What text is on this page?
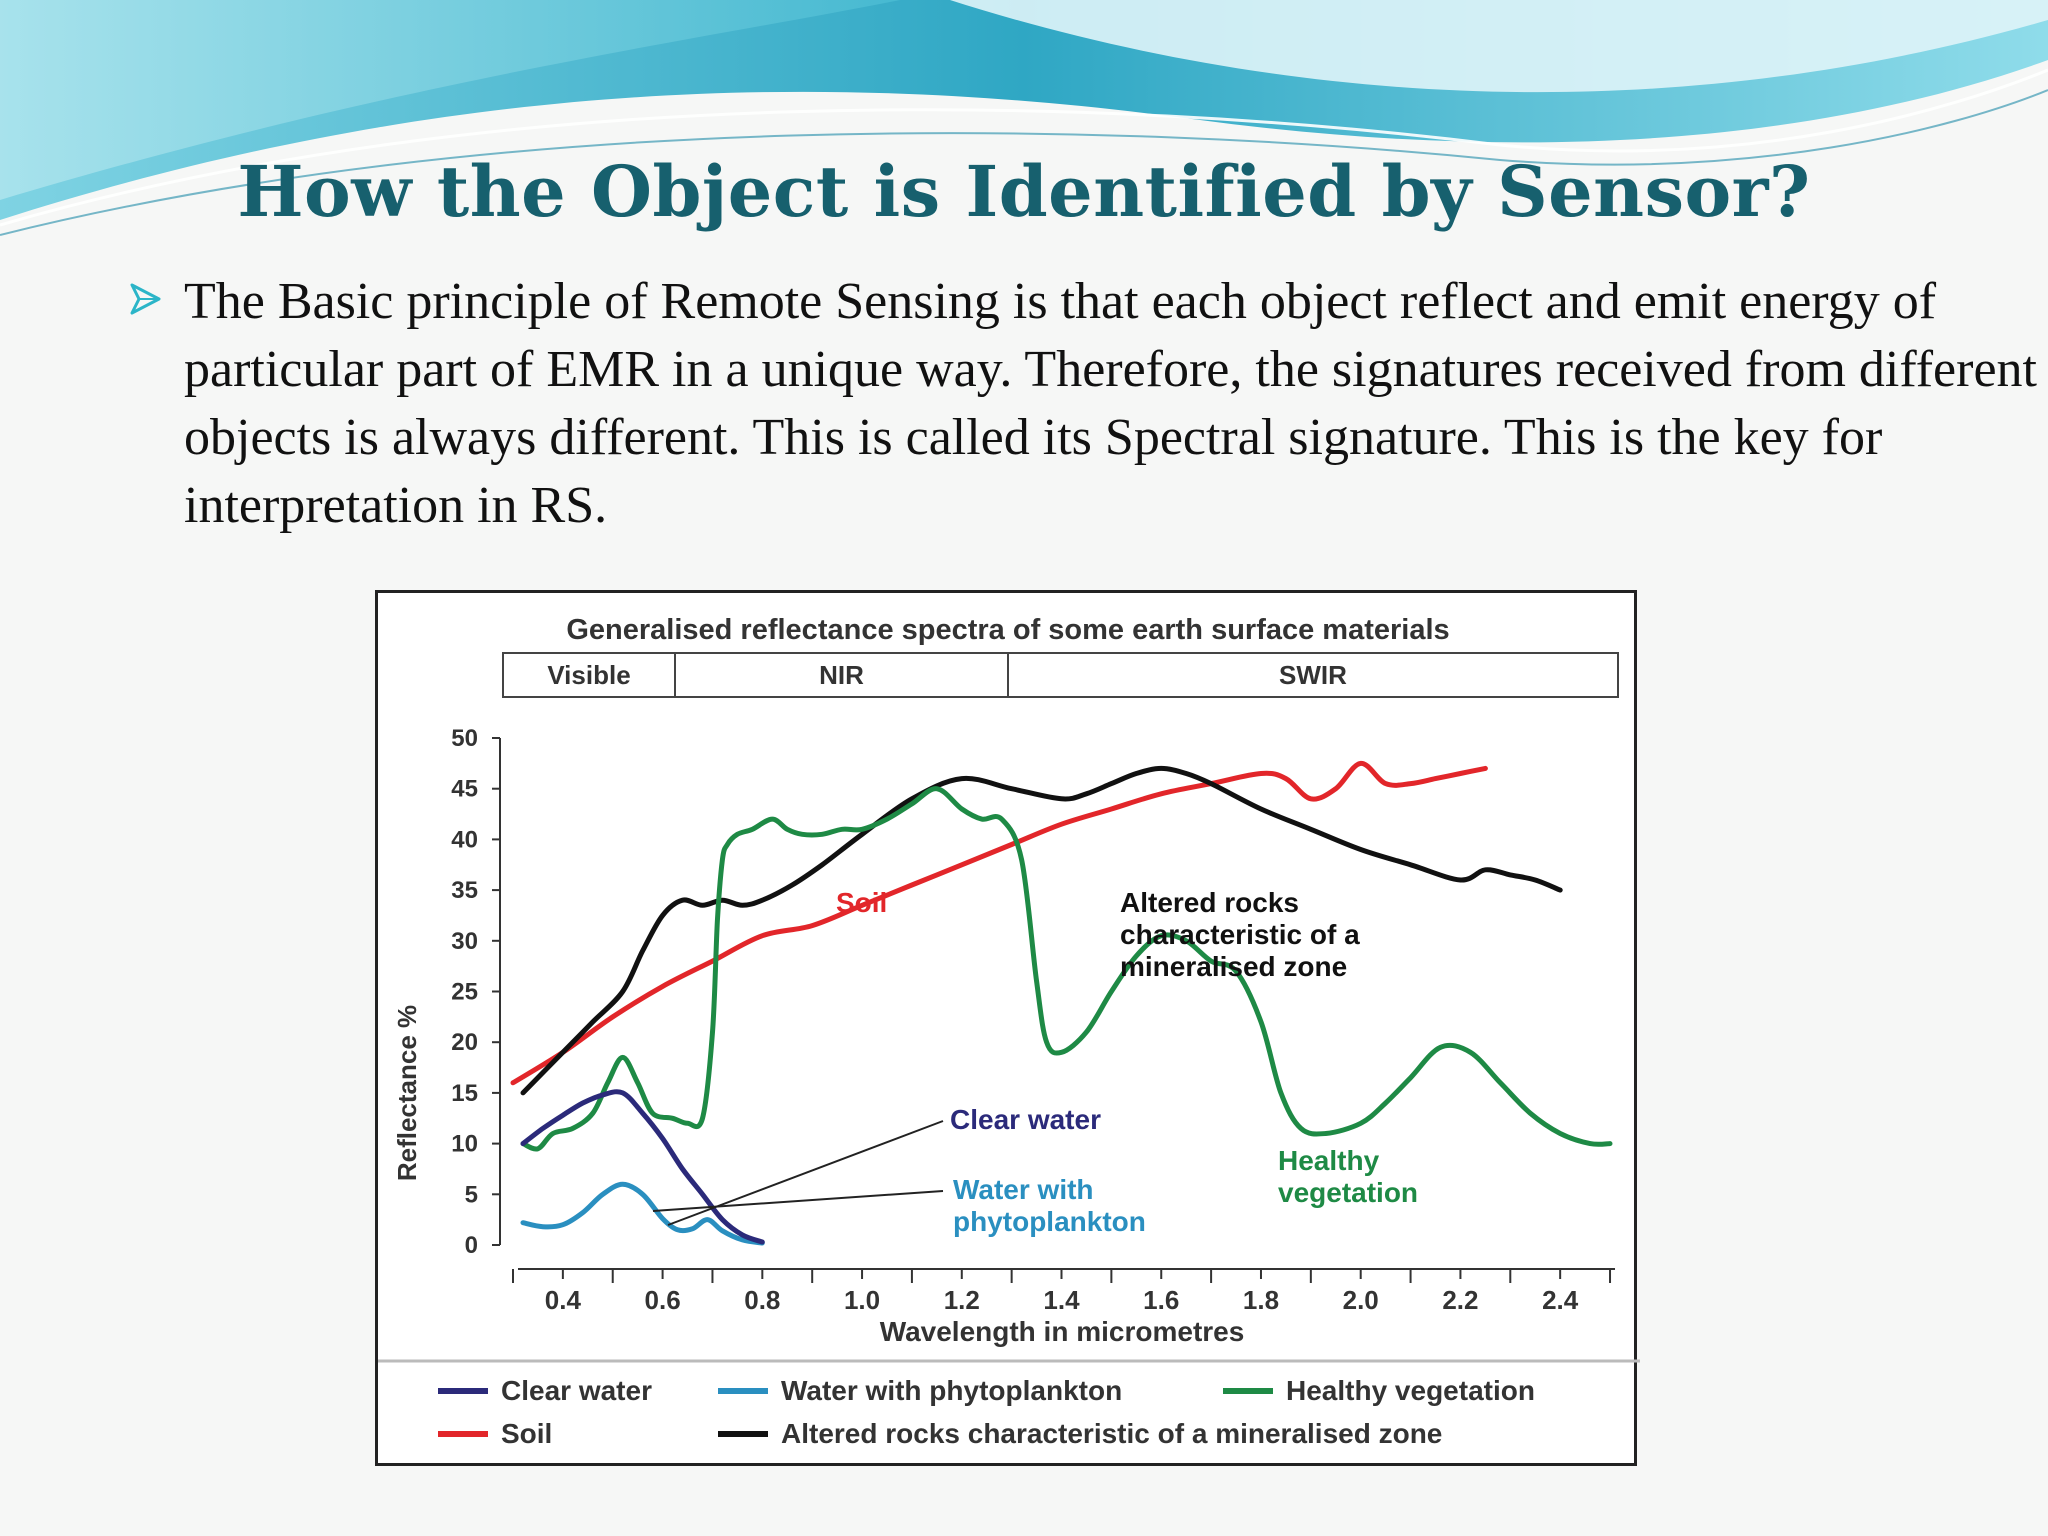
How the Object is Identified by Sensor?

The Basic principle of Remote Sensing is that each object reflect and emit energy of particular part of EMR in a unique way. Therefore, the signatures received from different objects is always different. This is called its Spectral signature. This is the key for interpretation in RS.

Generalised reflectance spectra of some earth surface materials
Visible	NIR	SWIR
0
5
10
15
20
25
30
35
40
45
50
0.4 0.6 0.8 1.0 1.2 1.4 1.6 1.8 2.0 2.2 2.4
Soil	Altered rocks characteristic of a mineralised zone
Clear water
Water with phytoplankton
Healthy vegetation
Reflectance %
Wavelength in micrometres
Clear water	Water with phytoplankton	Healthy vegetation
Soil	Altered rocks characteristic of a mineralised zone
